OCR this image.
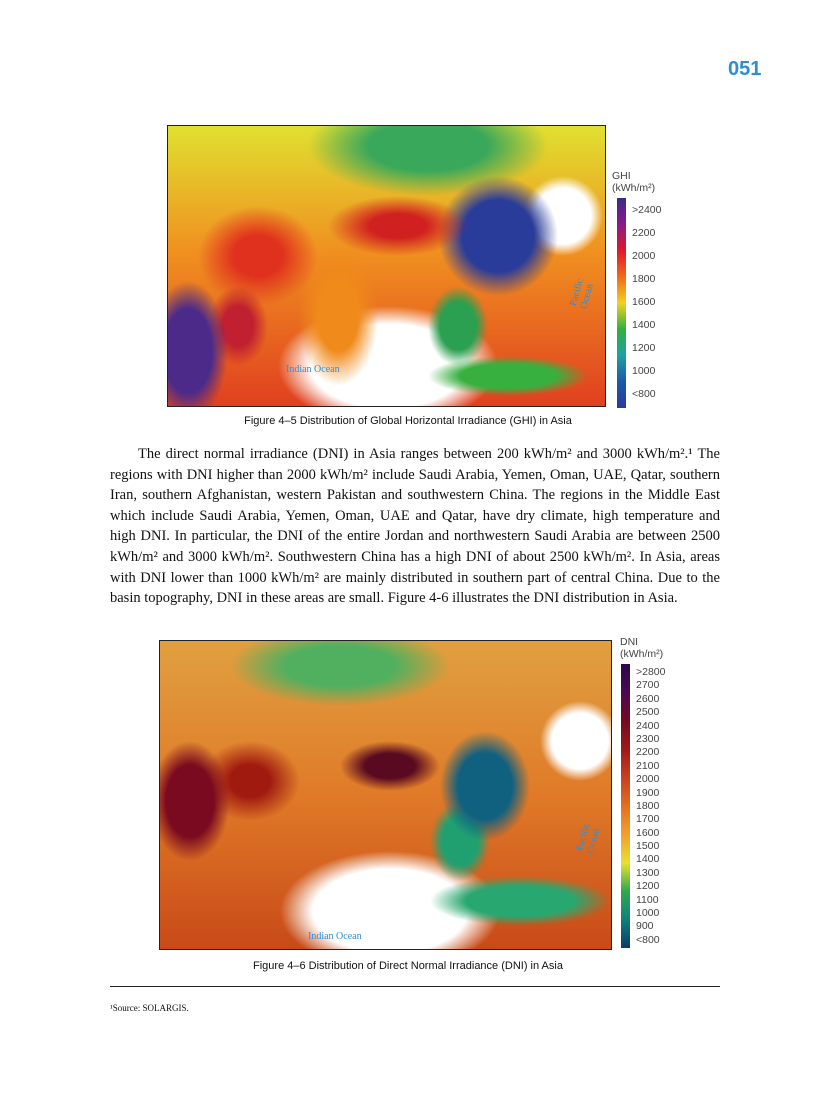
051
Indian Ocean
Pacific Ocean
GHI
(kWh/m²)
>2400
2200
2000
1800
1600
1400
1200
1000
<800
Figure 4–5 Distribution of Global Horizontal Irradiance (GHI) in Asia
The direct normal irradiance (DNI) in Asia ranges between 200 kWh/m² and 3000 kWh/m².¹ The regions with DNI higher than 2000 kWh/m² include Saudi Arabia, Yemen, Oman, UAE, Qatar, southern Iran, southern Afghanistan, western Pakistan and southwestern China. The regions in the Middle East which include Saudi Arabia, Yemen, Oman, UAE and Qatar, have dry climate, high temperature and high DNI. In particular, the DNI of the entire Jordan and northwestern Saudi Arabia are between 2500 kWh/m² and 3000 kWh/m². Southwestern China has a high DNI of about 2500 kWh/m². In Asia, areas with DNI lower than 1000 kWh/m² are mainly distributed in southern part of central China. Due to the basin topography, DNI in these areas are small. Figure 4-6 illustrates the DNI distribution in Asia.
Indian Ocean
Pacific Ocean
DNI
(kWh/m²)
>2800
2700
2600
2500
2400
2300
2200
2100
2000
1900
1800
1700
1600
1500
1400
1300
1200
1100
1000
900
<800
Figure 4–6 Distribution of Direct Normal Irradiance (DNI) in Asia
¹Source: SOLARGIS.
